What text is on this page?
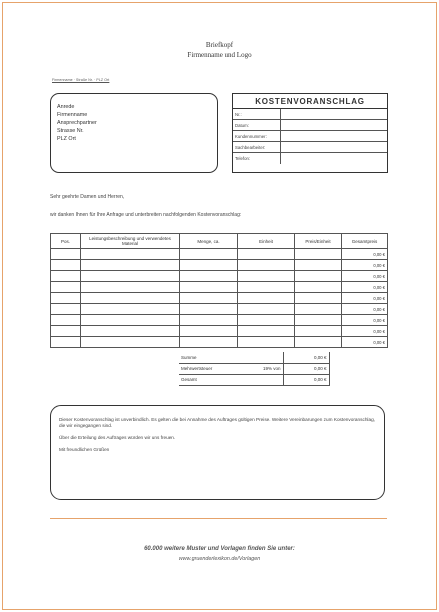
Briefkopf
Firmenname und Logo
Firmenname · Straße Nr. · PLZ Ort
Anrede
Firmenname
Ansprechpartner
Strasse Nr.
PLZ Ort
KOSTENVORANSCHLAG
Nr.:
Datum:
Kundennummer:
Sachbearbeiter:
Telefon:
Sehr geehrte Damen und Herren,
wir danken Ihnen für Ihre Anfrage und unterbreiten nachfolgenden Kostenvoranschlag:
Pos.	Leistungsbeschreibung und verwendetes Material	Menge, ca.	Einheit	Preis/Einheit	Gesamtpreis
					0,00 €
					0,00 €
					0,00 €
					0,00 €
					0,00 €
					0,00 €
					0,00 €
					0,00 €
					0,00 €
Summe		0,00 €
Mehrwertsteuer	19% von	0,00 €
Gesamt		0,00 €

Dieser Kostenvoranschlag ist unverbindlich. Es gelten die bei Annahme des Auftrages gültigen Preise. Weitere Vereinbarungen zum Kostenvoranschlag, die wir eingegangen sind.

Über die Erteilung des Auftrages würden wir uns freuen.

Mit freundlichen Grüßen

60.000 weitere Muster und Vorlagen finden Sie unter:
www.gruenderlexikon.de/Vorlagen
